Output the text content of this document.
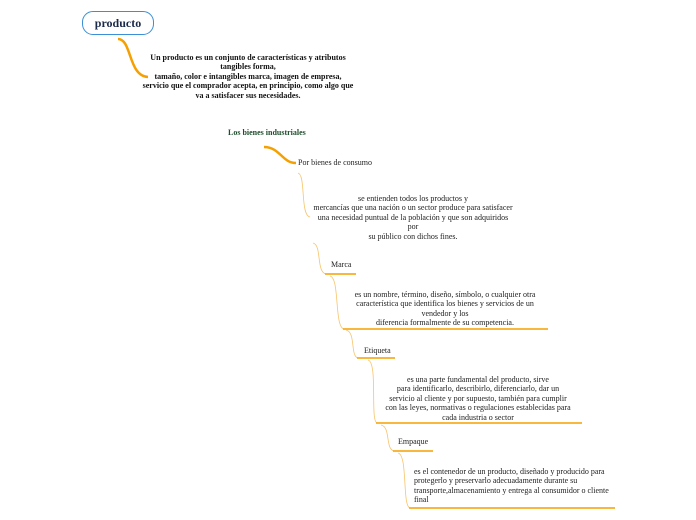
producto
Un producto es un conjunto de características y atributos
tangibles forma,
tamaño, color e intangibles marca, imagen de empresa,
servicio que el comprador acepta, en principio, como algo que
va a satisfacer sus necesidades.
Los bienes industriales
Por bienes de consumo
se entienden todos los productos y
mercancías que una nación o un sector produce para satisfacer
una necesidad puntual de la población y que son adquiridos
por
su público con dichos fines.
Marca
es un nombre, término, diseño, símbolo, o cualquier otra
característica que identifica los bienes y servicios de un
vendedor y los
diferencia formalmente de su competencia.
Etiqueta
es una parte fundamental del producto, sirve
para identificarlo, describirlo, diferenciarlo, dar un
servicio al cliente y por supuesto, también para cumplir
con las leyes, normativas o regulaciones establecidas para
cada industria o sector
Empaque
es el contenedor de un producto, diseñado y producido para
protegerlo y preservarlo adecuadamente durante su
transporte,almacenamiento y entrega al consumidor o cliente
final
